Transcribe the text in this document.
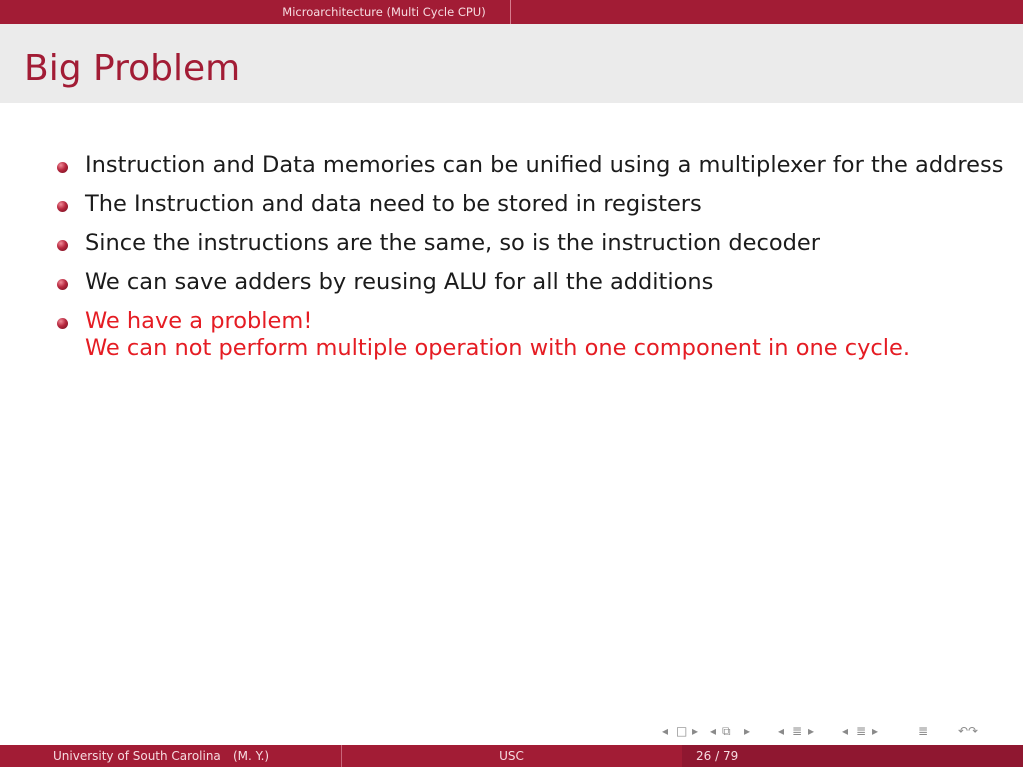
Microarchitecture (Multi Cycle CPU)
Big Problem
Instruction and Data memories can be unified using a multiplexer for the address
The Instruction and data need to be stored in registers
Since the instructions are the same, so is the instruction decoder
We can save adders by reusing ALU for all the additions
We have a problem!
We can not perform multiple operation with one component in one cycle.
◂ □ ▸ ◂ ⧉ ▸ ◂ ≣ ▸ ◂ ≣ ▸	≣ ↶↷
University of South Carolina (M. Y.)	USC	26 / 79
